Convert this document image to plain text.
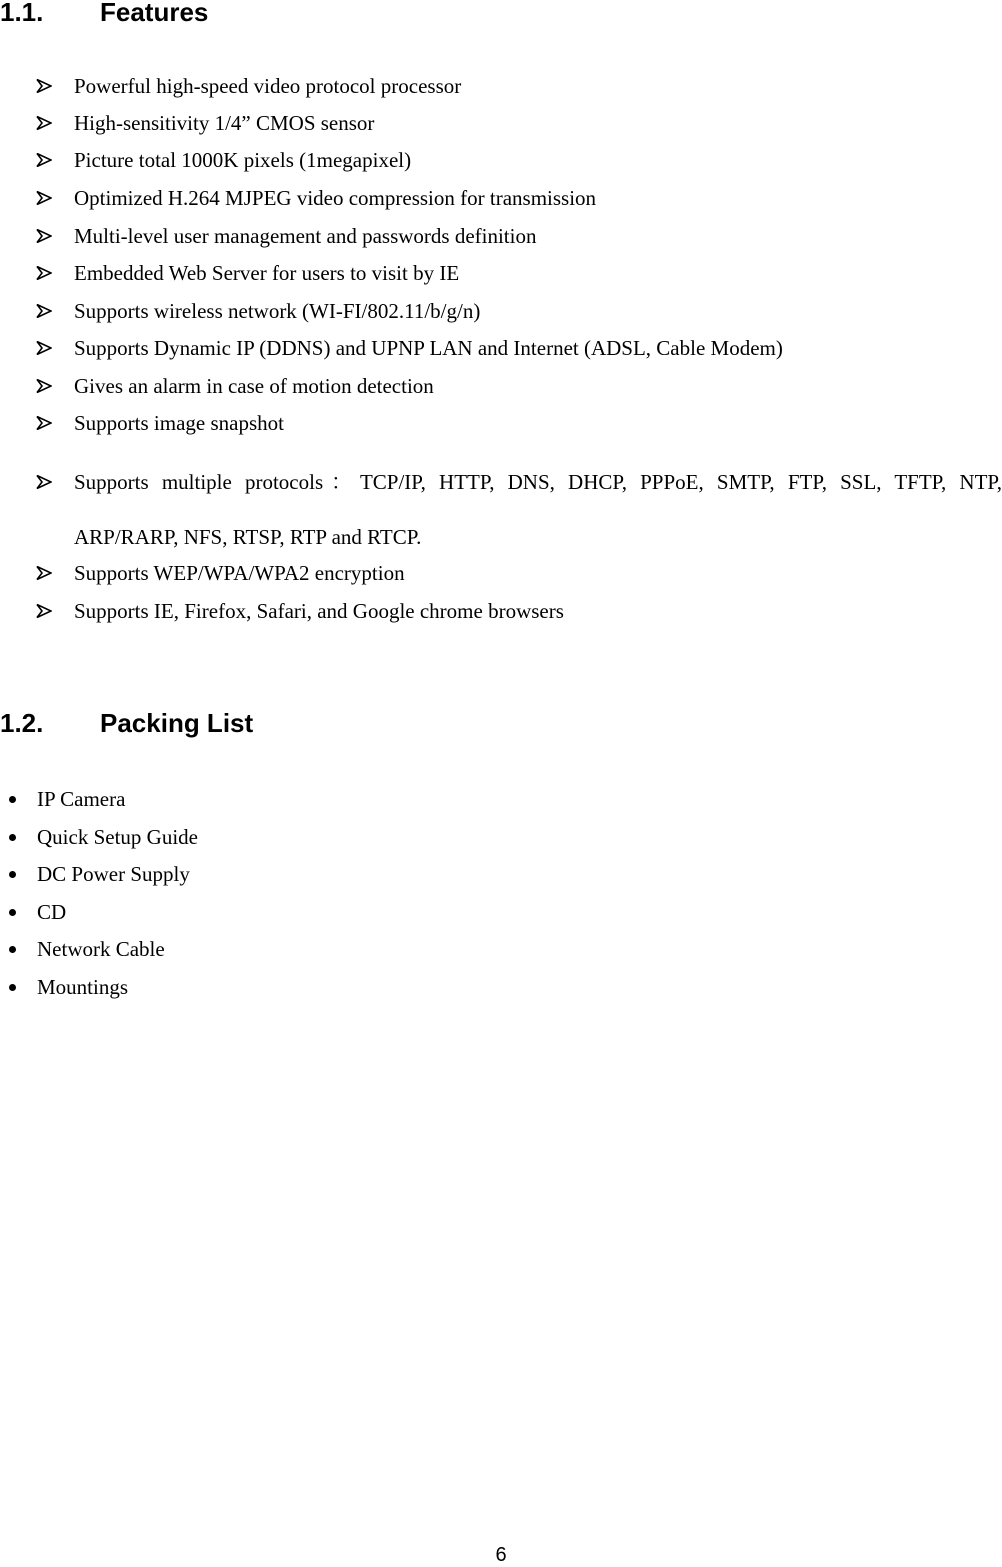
1.1. Features
Powerful high-speed video protocol processor
High-sensitivity 1/4” CMOS sensor
Picture total 1000K pixels (1megapixel)
Optimized H.264 MJPEG video compression for transmission
Multi-level user management and passwords definition
Embedded Web Server for users to visit by IE
Supports wireless network (WI-FI/802.11/b/g/n)
Supports Dynamic IP (DDNS) and UPNP LAN and Internet (ADSL, Cable Modem)
Gives an alarm in case of motion detection
Supports image snapshot
Supports multiple protocols：TCP/IP, HTTP, DNS, DHCP, PPPoE, SMTP, FTP, SSL, TFTP, NTP, ARP/RARP, NFS, RTSP, RTP and RTCP.
Supports WEP/WPA/WPA2 encryption
Supports IE, Firefox, Safari, and Google chrome browsers
1.2. Packing List
IP Camera
Quick Setup Guide
DC Power Supply
CD
Network Cable
Mountings
6
